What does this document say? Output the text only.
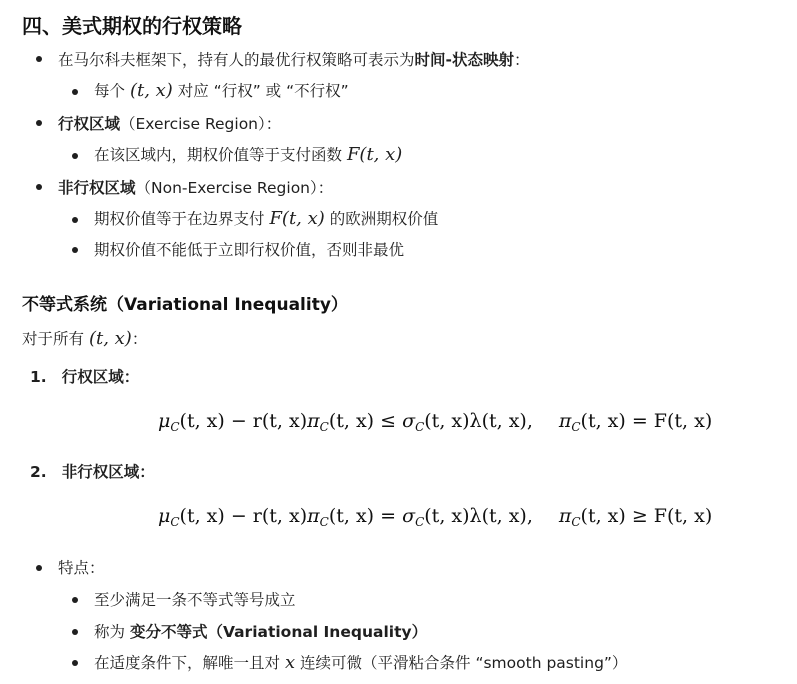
四、美式期权的行权策略
在马尔科夫框架下，持有人的最优行权策略可表示为时间-状态映射：
每个 (t, x) 对应 “行权” 或 “不行权”
行权区域（Exercise Region）：
在该区域内，期权价值等于支付函数 F(t, x)
非行权区域（Non-Exercise Region）：
期权价值等于在边界支付 F(t, x) 的欧洲期权价值
期权价值不能低于立即行权价值，否则非最优
不等式系统（Variational Inequality）
对于所有 (t, x)：
1. 行权区域：
$\mu_C(t$, x) − r(t, $x)\pi_C(t$, $x) \le \sigma_C(t$, x)λ(t, x), $\pi_C(t$, x) = F(t, x)
2. 非行权区域：
$\mu_C(t$, x) − r(t, $x)\pi_C(t$, $x) = \sigma_C(t$, x)λ(t, x), $\pi_C(t$, x) ≥ F(t, x)
特点：
至少满足一条不等式等号成立
称为 变分不等式（Variational Inequality）
在适度条件下，解唯一且对 x 连续可微（平滑粘合条件 “smooth pasting”）
